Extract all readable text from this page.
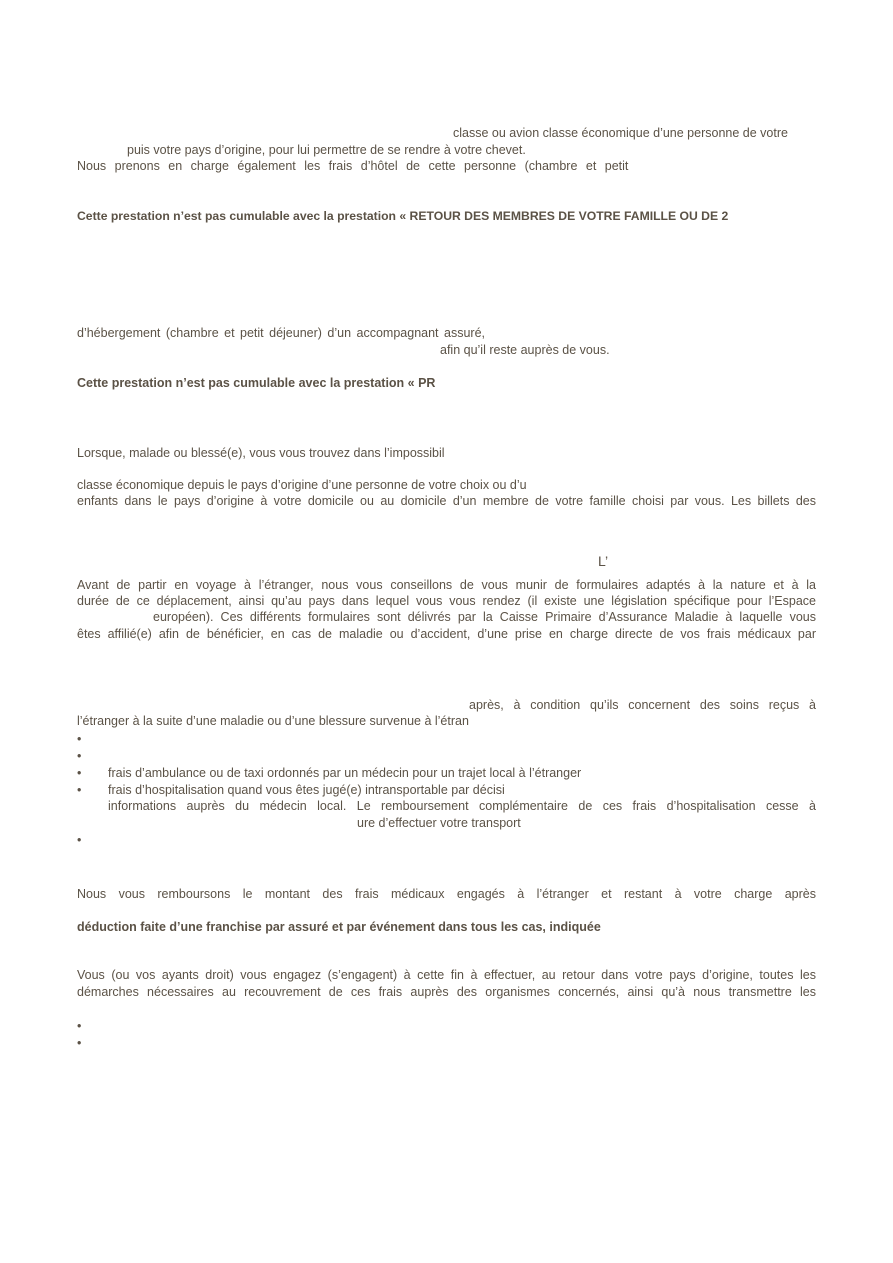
classe ou avion classe économique d’une personne de votre

puis votre pays d’origine, pour lui permettre de se rendre à votre chevet.

Nous prenons en charge également les frais d’hôtel de cette personne (chambre et petit

Cette prestation n’est pas cumulable avec la prestation « RETOUR DES MEMBRES DE VOTRE FAMILLE OU DE 2

d’hébergement (chambre et petit déjeuner) d’un accompagnant assuré,

afin qu’il reste auprès de vous.

Cette prestation n’est pas cumulable avec la prestation « PR

Lorsque, malade ou blessé(e), vous vous trouvez dans l’impossibil

classe économique depuis le pays d’origine d’une personne de votre choix ou d’u

enfants dans le pays d’origine à votre domicile ou au domicile d’un membre de votre famille choisi par vous. Les billets des

L’

Avant de partir en voyage à l’étranger, nous vous conseillons de vous munir de formulaires adaptés à la nature et à la

durée de ce déplacement, ainsi qu’au pays dans lequel vous vous rendez (il existe une législation spécifique pour l’Espace

européen). Ces différents formulaires sont délivrés par la Caisse Primaire d’Assurance Maladie à laquelle vous

êtes affilié(e) afin de bénéficier, en cas de maladie ou d’accident, d’une prise en charge directe de vos frais médicaux par

après, à condition qu’ils concernent des soins reçus à

l’étranger à la suite d’une maladie ou d’une blessure survenue à l’étran

•
•
• frais d’ambulance ou de taxi ordonnés par un médecin pour un trajet local à l’étranger

• frais d’hospitalisation quand vous êtes jugé(e) intransportable par décisi

informations auprès du médecin local. Le remboursement complémentaire de ces frais d’hospitalisation cesse à

ure d’effectuer votre transport

•

Nous vous remboursons le montant des frais médicaux engagés à l’étranger et restant à votre charge après

déduction faite d’une franchise par assuré et par événement dans tous les cas, indiquée

Vous (ou vos ayants droit) vous engagez (s’engagent) à cette fin à effectuer, au retour dans votre pays d’origine, toutes les

démarches nécessaires au recouvrement de ces frais auprès des organismes concernés, ainsi qu’à nous transmettre les

•
•
